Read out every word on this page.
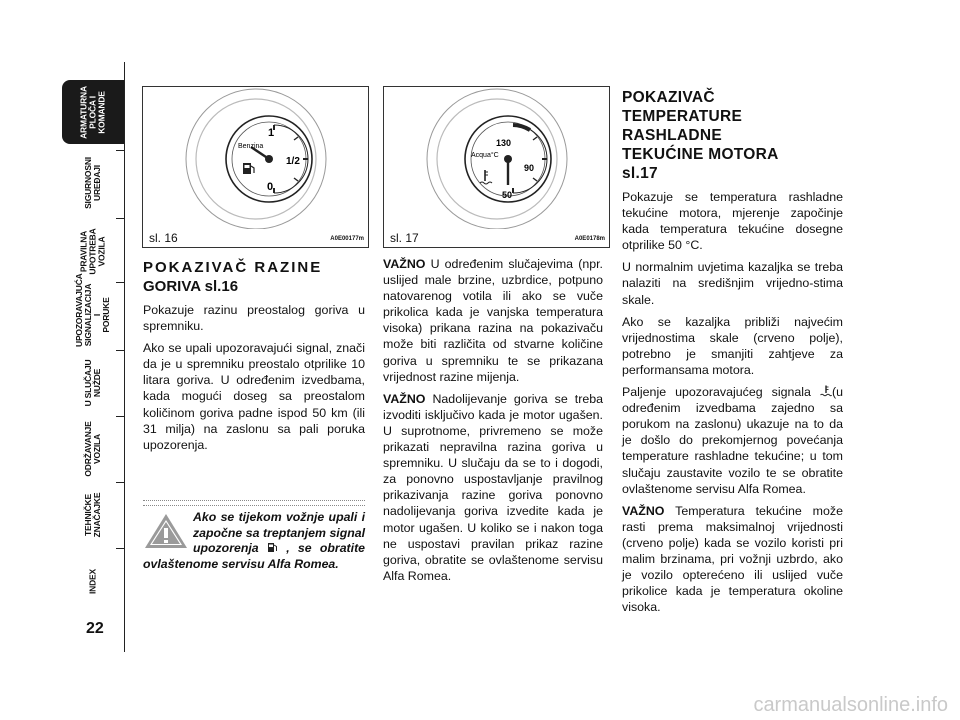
ARMATURNA
PLOČA I
KOMANDE
SIGURNOSNI
UREĐAJI
PRAVILNA
UPOTREBA
VOZILA
UPOZORAVAJUĆA
SIGNALIZACIJA I
PORUKE
U SLUČAJU
NUŽDE
ODRŽAVANJE
VOZILA
TEHNIČKE
ZNAČAJKE
INDEX
22
1
1/2
0
Benzina
sl. 16	A0E00177m
130
90
50
Acqua°C
sl. 17	A0E0178m
POKAZIVAČ RAZINE
GORIVA sl.16

Pokazuje razinu preostalog goriva u spremniku.

Ako se upali upozoravajući signal, znači da je u spremniku preostalo otprilike 10 litara goriva. U određenim izvedbama, kada mogući doseg sa preostalom količinom goriva padne ispod 50 km (ili 31 milja) na zaslonu sa pali poruka upozorenja.

Ako se tijekom vožnje upali i započne sa treptanjem signal upozorenja , se obratite ovlaštenome servisu Alfa Romea.

VAŽNO U određenim slučajevima (npr. uslijed male brzine, uzbrdice, potpuno natovarenog votila ili ako se vuče prikolica kada je vanjska temperatura visoka) prikana razina na pokazivaču može biti različita od stvarne količine goriva u spremniku te se prikazana vrijednost razine mijenja.

VAŽNO Nadolijevanje goriva se treba izvoditi isključivo kada je motor ugašen. U suprotnome, privremeno se može prikazati nepravilna razina goriva u spremniku. U slučaju da se to i dogodi, za ponovno uspostavljanje pravilnog prikazivanja razine goriva ponovno nadolijevanja goriva izvedite kada je motor ugašen. U koliko se i nakon toga ne uspostavi pravilan prikaz razine goriva, obratite se ovlaštenome servisu Alfa Romea.

POKAZIVAČ
TEMPERATURE
RASHLADNE
TEKUĆINE MOTORA
sl.17

Pokazuje se temperatura rashladne tekućine motora, mjerenje započinje kada temperatura tekućine dosegne otprilike 50 °C.

U normalnim uvjetima kazaljka se treba nalaziti na središnjim vrijedno-stima skale.

Ako se kazaljka približi najvećim vrijednostima skale (crveno polje), potrebno je smanjiti zahtjeve za performansama motora.

Paljenje upozoravajućeg signala (u određenim izvedbama zajedno sa porukom na zaslonu) ukazuje na to da je došlo do prekomjernog povećanja temperature rashladne tekućine; u tom slučaju zaustavite vozilo te se obratite ovlaštenome servisu Alfa Romea.

VAŽNO Temperatura tekućine može rasti prema maksimalnoj vrijednosti (crveno polje) kada se vozilo koristi pri malim brzinama, pri vožnji uzbrdo, ako je vozilo opterećeno ili uslijed vuče prikolice kada je temperatura okoline visoka.

carmanualsonline.info
